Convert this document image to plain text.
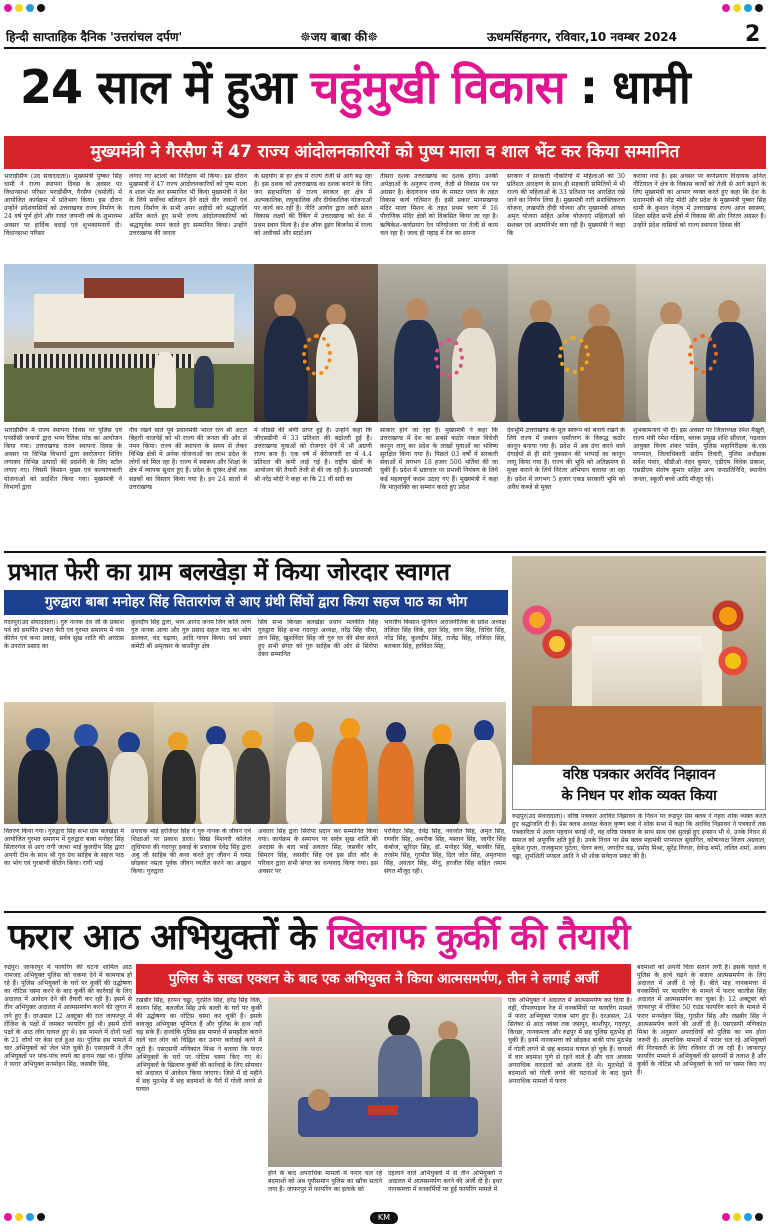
हिन्दी साप्ताहिक दैनिक 'उत्तरांचल दर्पण'	☸जय बाबा की☸	ऊधमसिंहनगर, रविवार,10 नवम्बर 2024	2
24 साल में हुआ चहुंमुखी विकास : धामी
मुख्यमंत्री ने गैरसैण में 47 राज्य आंदोलनकारियों को पुष्प माला व शाल भेंट कर किया सम्मानित
भाराड़ीसैंण (उद संवाददाता)। मुख्यमंत्री पुष्कर सिंह धामी ने राज्य स्थापना दिवस के अवसर पर विधानसभा परिसर भराड़ीसैंण, गैरसैण (चमोली) में आयोजित कार्यक्रम में प्रतिभाग किया। इस दौरान उन्होंने प्रदेशवासियों को उत्तराखण्ड राज्य निर्माण के 24 वर्ष पूर्ण होने और रजत जयन्ती वर्ष के शुभारम्भ अवसर पर हार्दिक बधाई एवं शुभकामनायें दी। विधानसभा परिसर
लगाए गए स्टालों का निरीक्षण भी किया। इस दौरान मुख्यमंत्री ने 47 राज्य आंदोलनकारियों को पुष्प माला व शाल भेंट कर सम्मानित भी किया मुख्यमंत्री ने देश के लिये सर्वोच्च बलिदान देने वाले वीर जवानों एवं राज्य निर्माण के सभी अमर शहीदों को श्रद्धांजलि अर्पित करते हुए सभी राज्य आंदोलनकारियों को श्रद्धापूर्वक नमन करते हुए सम्मानित किया। उन्होंने उत्तराखण्ड की जनता
के सहयोग से हर क्षेत्र में राज्य तेजी से आगे बढ़ रहा है। इस दशक को उत्तराखण्ड का दशक बनाने के लिए जन सहभागिता से राज्य सरकार हर क्षेत्र में अल्पकालिक, लघुकालिक और दीर्घकालिक योजनाओं पर कार्य कर रही है। नीति आयोग द्वारा जारी सतत विकास लक्ष्यों की रैंकिंग में उत्तराखण्ड को देश में प्रथम स्थान मिला है। ईज ऑफ डूइंग बिजनेस में राज्य को अचीवर्स और स्टार्टअप
तीसरा दशक उत्तराखण्ड का दशक होगा। उनकी अपेक्षाओं के अनुरूप राज्य, तेजी से विकास पथ पर अग्रसर है। केदारनाथ धाम के मास्टर प्लान के तहत विकास कार्य गतिमान हैं। इसी प्रकार मानसखण्ड मंदिर माला मिशन के तहत प्रथम चरण में 16 पौराणिक मंदिर क्षेत्रों को विकसित किया जा रहा है। ऋषिकेश–कर्णप्रयाग रेल परियोजना पर तेजी से काम चल रहा है। जल्द ही पहाड़ में रेल का सपना
सरकार ने सरकारी नौकरियों में महिलाओं को 30 प्रतिशत आरक्षण के साथ ही सहकारी समितियों में भी राज्य की महिलाओं के 33 प्रतिशत पद आरक्षित रखे जाने का निर्णय लिया है। मुख्यमंत्री नारी सशक्तिकरण योजना, लखपति दीदी योजना और मुख्यमंत्री आंचल अमृत योजना सहित अनेक योजनाएं महिलाओं को सशक्त एवं आत्मनिर्भर बना रही हैं। मुख्यमंत्री ने कहा कि
कराया गया है। इस अवसर पर कर्णप्रयाग विधायक अनिल नौटियाल ने क्षेत्र के विकास कार्यों को तेजी से आगे बढ़ाने के लिए मुख्यमंत्री का आभार व्यक्त करते हुए कहा कि देश के प्रधानमंत्री श्री नरेंद्र मोदी और प्रदेश के मुख्यमंत्री पुष्कर सिंह धामी के कुशल नेतृत्व में उत्तराखण्ड राज्य आज स्वास्थ्य, शिक्षा सहित सभी क्षेत्रों में विकास की ओर निरंतर अग्रसर है। उन्होंने प्रदेश वासियों को राज्य स्थापना दिवस की
भाराड़ीसैंण में राज्य स्थापना दिवस पर पुलिस एवं एनसीसी जवानों द्वारा भव्य रैतिक परेड का आयोजन किया गया। उत्तराखण्ड राज्य स्थापना दिवस के अवसर पर विभिन्न विभागों द्वारा स्वरोजगार शिविर लगाकर विभिन्न उत्पादों की प्रदर्शनी के लिए स्टॉल लगाए गए। जिसमें किसान मुख्य एवं कल्याणकारी योजनाओं को प्रदर्शित किया गया। मुख्यमंत्री ने विभागों द्वारा
नींव रखने वाले पूर्व प्रधानमंत्री भारत रत्न श्री अटल बिहारी वाजपेई को भी राज्य की जनता की ओर से नमन किया। राज्य की स्थापना के समय से लेकर विभिन्न क्षेत्रों में अनेक योजनाओं का लाभ प्रदेश के लोगों को मिल रहा है। राज्य में स्वास्थ्य और शिक्षा के क्षेत्र में व्यापक सुधार हुए हैं। प्रदेश के दूरस्थ क्षेत्रों तक सड़कों का विस्तार किया गया है। इन 24 सालों में उत्तराखण्ड
में लीडर्स की श्रेणी प्राप्त हुई है। उन्होंने कहा कि जीएसडीपी में 33 प्रतिशत की बढ़ोतरी हुई है। उत्तराखण्ड युवाओं को रोजगार देने में भी अग्रणी राज्य बना है। एक वर्ष में बेरोजगारी दर में 4.4 प्रतिशत की कमी लाई गई है। राष्ट्रीय खेलों के आयोजन की तैयारी तेजी से की जा रही है। प्रधानमंत्री श्री नरेंद्र मोदी ने कहा था कि 21 वीं सदी का
साकार होने जा रहा है। मुख्यमंत्री ने कहा कि उत्तराखण्ड में देश का सबसे कठोर नकल विरोधी कानून लागू कर प्रदेश के लाखों युवाओं का भविष्य सुरक्षित किया गया है। पिछले 03 वर्षों में सरकारी सेवाओं में लगभग 18 हजार 500 भर्तियां की जा चुकी हैं। प्रदेश में भ्रष्टाचार पर प्रभावी नियंत्रण के लिये कई महत्वपूर्ण कदम उठाए गए हैं। मुख्यमंत्री ने कहा कि मातृशक्ति का सम्मान करते हुए प्रदेश
देवभूमि उत्तराखण्ड के मूल स्वरूप को बनाये रखने के लिये राज्य में जबरन धर्मांतरण के विरूद्ध कठोर कानून बनाया गया है। प्रदेश में अब दंगा करने वाले दंगाईयों से ही सारे नुकसान की भरपाई का कानून लागू किया गया है। राज्य की भूमि को अतिक्रमण से मुक्त कराने के लिये निरंतर अभियान चलाया जा रहा है। प्रदेश में लगभग 5 हजार एकड़ सरकारी भूमि को अवैध कब्जे से मुक्त
शुभकामनायें भी दी। इस अवसर पर जिलाध्यक्ष रमेश मैखुरी, राज्य मंत्री रमेश गड़िया, ब्लाक प्रमुख शशि सौंधाल, गढ़वाल आयुक्त विनय शंकर पांडेय, पुलिस महानिरीक्षक के.एस नगन्याल, जिलाधिकारी संदीप तिवारी, पुलिस अधीक्षक सर्वेश पंवार, सीडीओ नंदन कुमार, एडीएम विवेक प्रकाश, एसडीएम संतोष कुमार सहित अन्य जनप्रतिनिधि, स्थानीय जनता, स्कूली बच्चे आदि मौजूद रहे।
प्रभात फेरी का ग्राम बलखेड़ा में किया जोरदार स्वागत
गुरुद्वारा बाबा मनोहर सिंह सितारगंज से आए ग्रंथी सिंघों द्वारा किया सहज पाठ का भोग
गदरपुर(उद संवाददाता)। गुरु नानक देव जी के प्रकाश पर्व को समर्पित प्रभात फेरी एवं गुरमत समागम में नाम कीर्तन एवं कथा प्रवाह, सर्वत्र सुख शांति की अरदास के उपरांत प्रसाद का
कुलदीप सिंह द्वारा, भाग आनंद जनम जिन कलि तरण गुरु नानक आया और गुरु प्रसाद सहज पाठ का भोग डालकर, चंद चढ़ाया, आदि गायन किया। धर्म प्रचार कमेटी श्री अमृतसर के काशीपुर क्षेत्र
सिंघ सभा किच्छा बलखेड़ा प्रधान मलकीत सिंह गुरुद्वारा सिंह सभा गदरपुर अध्यक्ष, नरेंद्र सिंह चीमा, ज्ञान सिंह, खुशविंदर सिंह जी गुरु घर की सेवा करते हुए सभी संगत को गुरु साहिब की ओर से सिरोपा देकर सम्मानित
भारतीय किसान यूनियन अराजनीतिक के प्रदेश अध्यक्ष तजिंदर सिंह विर्क, इंदर सिंह, चरन सिंह, चिचिर सिंह, नरेंद्र सिंह, कुलदीप सिंह, राजेंद्र सिंह, तजिंदर सिंह, बलकार सिंह, हरविंदर सिंह,
वितरण किया गया। गुरुद्वारा सिंह सभा ग्राम बलखेड़ा में आयोजित गुरमत समागम में गुरुद्वारा बाबा मनोहर सिंह सितारगंज से आए रागी जत्था भाई कुलदीप सिंह द्वारा अपनी टीम के साथ श्री गुरु ग्रंथ साहिब के सहज पाठ का भोग एवं गुरबाणी कीर्तन किया। रागी भाई
प्रचारक भाई हरजिंदर सिंह ने गुरु नानक के जीवन एवं शिक्षाओं पर प्रकाश डाला। सिख मिशनरी कॉलेज लुधियाना की गदरपुर इकाई के प्रचारक देवेंद्र सिंह द्वारा अबु जी साहिब की कथा करते हुए जीवन में घमंड छोड़कर नम्रता पूर्वक जीवन व्यतीत करने का आह्वान किया। गुरुद्वारा
अवतार सिंह द्वारा सिरोपा प्रदान कर सम्मानित किया गया। कार्यक्रम के समापन पर सर्वत्र सुख शांति की अरदास के बाद भाई अवतार सिंह, जसवीर कौर, सिमरन सिंह, जसवीर सिंह एवं इस प्रीत कौर के परिवार द्वारा सभी संगत का धन्यवाद किया गया। इस अवसर पर
परविंदर सिंह, देवेंद्र सिंह, नवजोत सिंह, अमृत सिंह, रणवीर सिंह, अमरीक सिंह, मस्तान सिंह, जागीर सिंह कंबोज, सुरिंदर सिंह, डॉ. मनोहर सिंह, बलबीर सिंह, तरसेम सिंह, गुरमीत सिंह, दिल जोत सिंह, अमृतपाल सिंह, अवतार सिंह, मीनू, हरजीत सिंह सहित तमाम संगत मौजूद रही।
वरिष्ठ पत्रकार अरविंद निझावन
के निधन पर शोक व्यक्त किया
रूद्रपुर(उद संवाददाता)। वरिष्ठ पत्रकार अरविंद निझावन के निधन पर रूद्रपुर प्रेस क्लब ने गहरा शोक व्यक्त करते हुए श्रद्धांजलि दी है। प्रेस क्लब अध्यक्ष केवल कृष्ण बत्रा ने शोक सभा में कहा कि अरविंद निझावन ने पत्रकारों तक पत्रकारिता में अलग पहचान बनाई थी, वह वरिष्ठ पत्रकार के साथ साथ एक सुलझे हुए इन्सान भी थे, उनके निधन से समाज को अपूर्णीय क्षति हुई है। उनके निधन पर प्रेस क्लब महामंत्री परमपाल सुवागिल, कोषाध्यक्ष विजय अग्रवाल, मुकेश गुप्ता, राजकुमार पुटेला, चेतन बत्ता, जगदीप चढ़, प्रमोद मिश्रा, सुरेंद्र गिरधर, देवेन्द्र शर्मा, ललित शर्मा, अजय चड्ढा, शुभंशिती मण्डल आदि ने भी शोक संवेदना प्रकट की है।
फरार आठ अभियुक्तों के खिलाफ कुर्की की तैयारी
रुद्रपुर। जाफरपुर में फायरिंग की घटना शामिल आठ नामजद अभियुक्त पुलिस को चकमा देने में कामयाब हो रहे हैं। पुलिस अभियुक्तों के घरों पर कुर्की की उद्घोषणा का नोटिस चस्पा करने के बाद कुर्की की कार्रवाई के लिए अदालत में आवेदन देने की तैयारी कर रही है। इसमें से तीन अभियुक्त अदालत में आत्मसमर्पण करने की जुगत में लगे हुए हैं। दरअसल 12 अक्टूबर की रात जाफरपुर में रोंजिश के पक्षों में जमकर फायरिंग हुई थी। इसमें दोनों पक्षों के आठ लोग घायल हुए थे। इस मामले में दोनों पक्षों के 21 लोगों पर केस दर्ज हुआ था। पुलिस इस मामले में चार अभियुक्तों को जेल भेज चुकी है। एसएसपी ने तीन अभियुक्तों पर पांच-पांच रुपये का इनाम रखा था। पुलिस ने फरार अभियुक्त मनमोहन सिंह, जसबीर सिंह,
पुलिस के सख्त एक्शन के बाद एक अभियुक्त ने किया आत्मसमर्पण, तीन ने लगाई अर्जी
रखबीर सिंह, हरमन चड्ढा, गुरप्रीत सिंह, हरेंद्र सिंह विर्क, कावन सिंह, बलजीत सिंह उर्फ बल्ली के घरों पर कुर्की की उद्घोषणा का नोटिस चस्पा कर चुकी है। इसके बावजूद अभियुक्त भूमिगत हैं और पुलिस के हाथ नहीं चढ़ सके हैं। हालांकि पुलिस इस मामले में समझौता कराने वाले चार लोग को चिह्नित कर उनपर कार्रवाई करने में जुटी है। एसएसपी मणिकांत मिश्रा ने बताया कि फरार अभियुक्तों के घरों पर नोटिस चस्पा किए गए थे। अभियुक्तों के खिलाफ कुर्की की कार्रवाई के लिए सोमवार को अदालत में आवेदन किया जाएगा। जिले में दो महीने में छह मुठभेड़ में छह बदमाशों के पैरों में गोली लगने से घायल
होने के बाद अपराधिक मामलों में फरार चल रहे बदमाशों को अब यूपीसमान पुलिस का खौफ सताने लगा है। जाफरपुर में फायरिंग का इलाके को
दहलाने वाले अभियुक्तों में से तीन अभियुक्तों ने अदालत में आत्मसमर्पण करने की अर्जी दी है। इधर नानकमत्ता में वनकर्मियों पर हुई फायरिंग मामले में
एक अभियुक्त ने अदालत में आत्मसमर्पण कर दिया है। वहीं, पीपलपड़ाव रेंज में वनकर्मियों पर फायरिंग मामले में फरार अभियुक्त पंजाब भाग हुए हैं। दरअसल, 24 सितंबर से आठ नवंबर तक जसपुर, काशीपुर, गदरपुर, किच्छा, नानकमत्ता और रुद्रपुर में छह पुलिस मुठभेड़ हो चुकी हैं। इनमें नानकमत्ता को छोड़कर बाकी पांच मुठभेड़ में गोली लगने से छह बदमाश घायल हो चुके हैं। घायलों में चार बदमाश पुणे से रहने वाले हैं और चार आवास अपराधिक वारदातों को अंजाम देते थे। मुठभेड़ों में बदमाशों को गोली लगने की घटनाओं के बाद दूसरे अपराधिक मामलों में फरार
बदमाशों को अपनी चिंता सताने लगी है। इसके चलते वे पुलिस के हत्थे चढ़ने के बजाय आत्मसमर्पण के लिए अदालत में अर्जी दे रहे हैं। बीते माह नानकमत्ता में वनकर्मियों पर फायरिंग के मामले में फरार कालीस सिंह अदालत में आत्मसमर्पण कर चुका है। 12 अक्टूबर को जाफरपुर में रोंजिश 50 राउंड फायरिंग करने के मामले में फरार मनमोहन सिंह, गुरप्रीत सिंह और रखबीर सिंह ने आत्मसमर्पण करने की अर्जी दी है। एसएसपी मणिकांत मिश्रा के अनुसार अपराधियों को पुलिस का भय होना जरूरी है। अपराधिक मामलों में फरार चल रहे अभियुक्तों की गिरफ्तारी के लिए रविवार दी जा रही है। जाफरपुर फायरिंग मामले में अभियुक्तों की सरगर्मी से तलाश है और कुर्की के नोटिस भी अभियुक्तों के घरों पर चस्पा किए गए हैं।
KM
